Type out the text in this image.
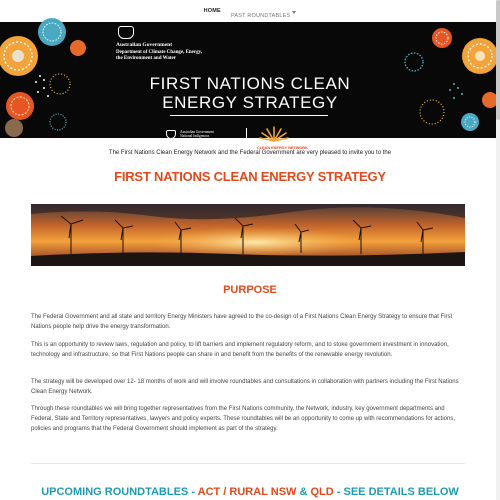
HOME
PAST ROUNDTABLES
Australian Government
Department of Climate Change, Energy,
the Environment and Water
FIRST NATIONS CLEAN
ENERGY STRATEGY
Australian Government
National Indigenous
Australians Agency
FIRST NATIONS
CLEAN ENERGY NETWORK
The First Nations Clean Energy Network and the Federal Government are very pleased to invite you to the
FIRST NATIONS CLEAN ENERGY STRATEGY
PURPOSE

The Federal Government and all state and territory Energy Ministers have agreed to the co-design of a First Nations Clean Energy Strategy to ensure that First Nations people help drive the energy transformation.

This is an opportunity to review laws, regulation and policy, to lift barriers and implement regulatory reform, and to stoke government investment in innovation, technology and infrastructure, so that First Nations people can share in and benefit from the benefits of the renewable energy revolution.

The strategy will be developed over 12- 18 months of work and will involve roundtables and consultations in collaboration with partners including the First Nations Clean Energy Network.

Through these roundtables we will bring together representatives from the First Nations community, the Network, industry, key government departments and Federal, State and Territory representatives, lawyers and policy experts. These roundtables will be an opportunity to come up with recommendations for actions, policies and programs that the Federal Government should implement as part of the strategy.

UPCOMING ROUNDTABLES - ACT / RURAL NSW & QLD - SEE DETAILS BELOW
